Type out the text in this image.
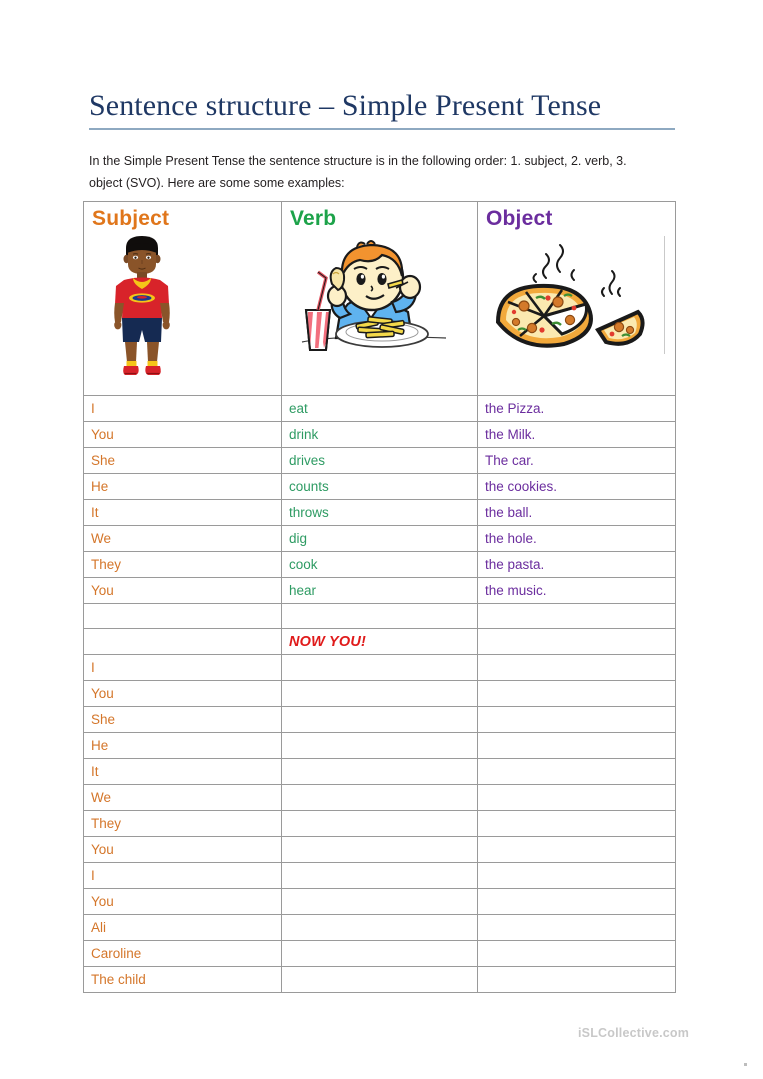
Sentence structure – Simple Present Tense
In the Simple Present Tense the sentence structure is in the following order: 1. subject, 2. verb, 3. object (SVO). Here are some some examples:
Subject	Verb	Object

I	eat	the Pizza.

You	drink	the Milk.

She	drives	The car.

He	counts	the cookies.

It	throws	the ball.

We	dig	the hole.

They	cook	the pasta.

You	hear	the music.

	NOW YOU!	

I		

You		

She		

He		

It		

We		

They		

You		

I		

You		

Ali		

Caroline		

The child		

iSLCollective.com
